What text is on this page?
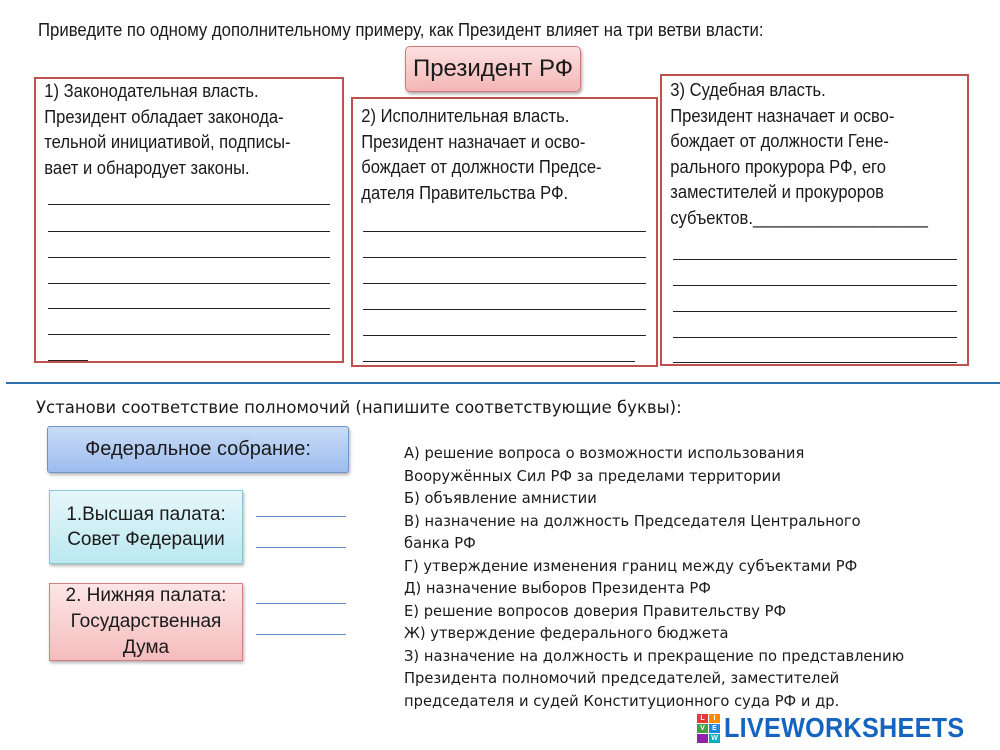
Приведите по одному дополнительному примеру, как Президент влияет на три ветви власти:
Президент РФ
1) Законодательная власть.
Президент обладает законода-
тельной инициативой, подписы-
вает и обнародует законы.
2) Исполнительная власть.
Президент назначает и осво-
бождает от должности Предсе-
дателя Правительства РФ.
3) Судебная власть.
Президент назначает и осво-
бождает от должности Гене-
рального прокурора РФ, его
заместителей и прокуроров
субъектов.___________________
Установи соответствие полномочий (напишите соответствующие буквы):
Федеральное собрание:
1.Высшая палата:
Совет Федерации
2. Нижняя палата:
Государственная
Дума
А) решение вопроса о возможности использования
Вооружённых Сил РФ за пределами территории
Б) объявление амнистии
В) назначение на должность Председателя Центрального
банка РФ
Г) утверждение изменения границ между субъектами РФ
Д) назначение выборов Президента РФ
Е) решение вопросов доверия Правительству РФ
Ж) утверждение федерального бюджета
З) назначение на должность и прекращение по представлению
Президента полномочий председателей, заместителей
председателя и судей Конституционного суда РФ и др.
L	I
V	E
W LIVEWORKSHEETS
